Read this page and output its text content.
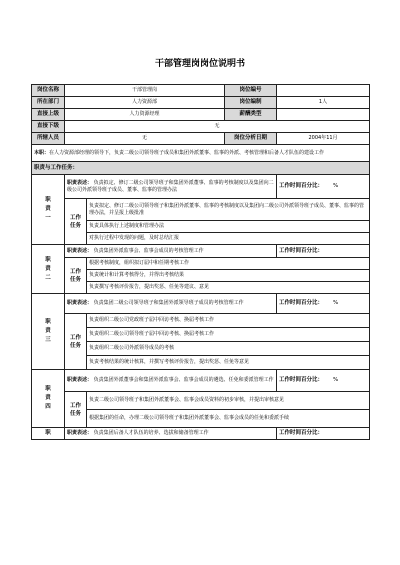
干部管理岗岗位说明书
岗位名称	干部管理岗		岗位编号	
所在部门	人力资源部		岗位编制	1人
直接上级	人力资源经理		薪酬类型	
直接下级	无			
所辖人员	无		岗位分析日期	2004年11月
本职：在人力资源部经理的领导下，负责二级公司领导班子成员和集团外派董事、监事的外派、考核管理和后备人才队伍的建设工作				
职责与工作任务：				
职
责
一	职责表述： 负责拟定、修订二级公司领导班子和集团外派董事、监事的考核制度以及集团向二级公司外派领导班子成员、董事、监事的管理办法			工作时间百分比： %
	工作
任务	负责拟定、修订二级公司领导班子和集团外派董事、监事的考核制度以及集团向二级公司外派领导班子成员、董事、监事的管理办法，并呈报上级批准		
		负责具体执行上述制度和管理办法		
		对执行过程中发现的问题，及时总结汇报		
职
责
二	职责表述： 负责集团外派监事会、监事会成员的考核管理工作			工作时间百分比：
	工作
任务	根据考核制度，組织拟订届中和任期考核工作		
		负责统计和计算考核得分，并得出考核结果		
		负责撰写考核评价报告，提出奖惩、任免等建议、意见		
职
责
三	职责表述： 负责集团二级公司领导班子和集团外派领导班子成员的考核管理工作			工作时间百分比： %
	工作
任务	负责组织二级公司党政班子届中回访考核、换届考核工作		
		负责组织二级公司领导班子届中回访考核、换届考核工作		
		负责组织二级公司外派领导成员的考核		
		负责考核结果的统计核算，并撰写考核评价报告，提出奖惩、任免等意见		
职
责
四	职责表述： 负责集团外派董事会和集团外派监事会、监事会成员的遴选、任免和委派管理工作			工作时间百分比： %
	工作
任务	负责二级公司领导班子和集团外派董事会、监事会成员资料的初步审核，并提出审核意见		
		根据集团的任命，办理二级公司领导班子和集团外派董事会、监事会成员的任免和委派手续		
职	职责表述： 负责集团后备人才队伍的培养、选拔和储备管理工作			工作时间百分比：
